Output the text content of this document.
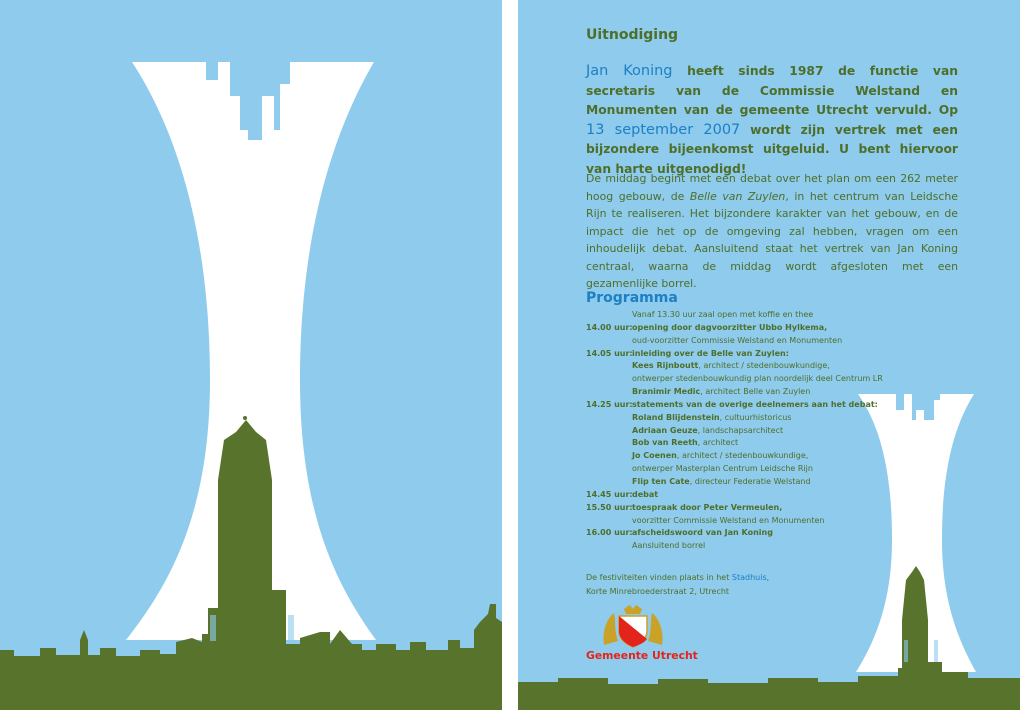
Uitnodiging

Jan Koning heeft sinds 1987 de functie van secretaris van de Commissie Welstand en Monumenten van de gemeente Utrecht vervuld. Op 13 september 2007 wordt zijn vertrek met een bijzondere bijeenkomst uitgeluid. U bent hiervoor van harte uitgenodigd!

De middag begint met een debat over het plan om een 262 meter hoog gebouw, de Belle van Zuylen, in het centrum van Leidsche Rijn te realiseren. Het bijzondere karakter van het gebouw, en de impact die het op de omgeving zal hebben, vragen om een inhoudelijk debat. Aansluitend staat het vertrek van Jan Koning centraal, waarna de middag wordt afgesloten met een gezamenlijke borrel.

Programma
Vanaf 13.30 uur zaal open met koffie en thee
14.00 uur:opening door dagvoorzitter Ubbo Hylkema,
oud-voorzitter Commissie Welstand en Monumenten
14.05 uur:inleiding over de Belle van Zuylen:
Kees Rijnboutt, architect / stedenbouwkundige,
ontwerper stedenbouwkundig plan noordelijk deel Centrum LR
Branimir Medic, architect Belle van Zuylen
14.25 uur:statements van de overige deelnemers aan het debat:
Roland Blijdenstein, cultuurhistoricus
Adriaan Geuze, landschapsarchitect
Bob van Reeth, architect
Jo Coenen, architect / stedenbouwkundige,
ontwerper Masterplan Centrum Leidsche Rijn
Flip ten Cate, directeur Federatie Welstand
14.45 uur:debat
15.50 uur:toespraak door Peter Vermeulen,
voorzitter Commissie Welstand en Monumenten
16.00 uur:afscheidswoord van Jan Koning
Aansluitend borrel

De festiviteiten vinden plaats in het Stadhuis,
Korte Minrebroederstraat 2, Utrecht

Gemeente Utrecht
